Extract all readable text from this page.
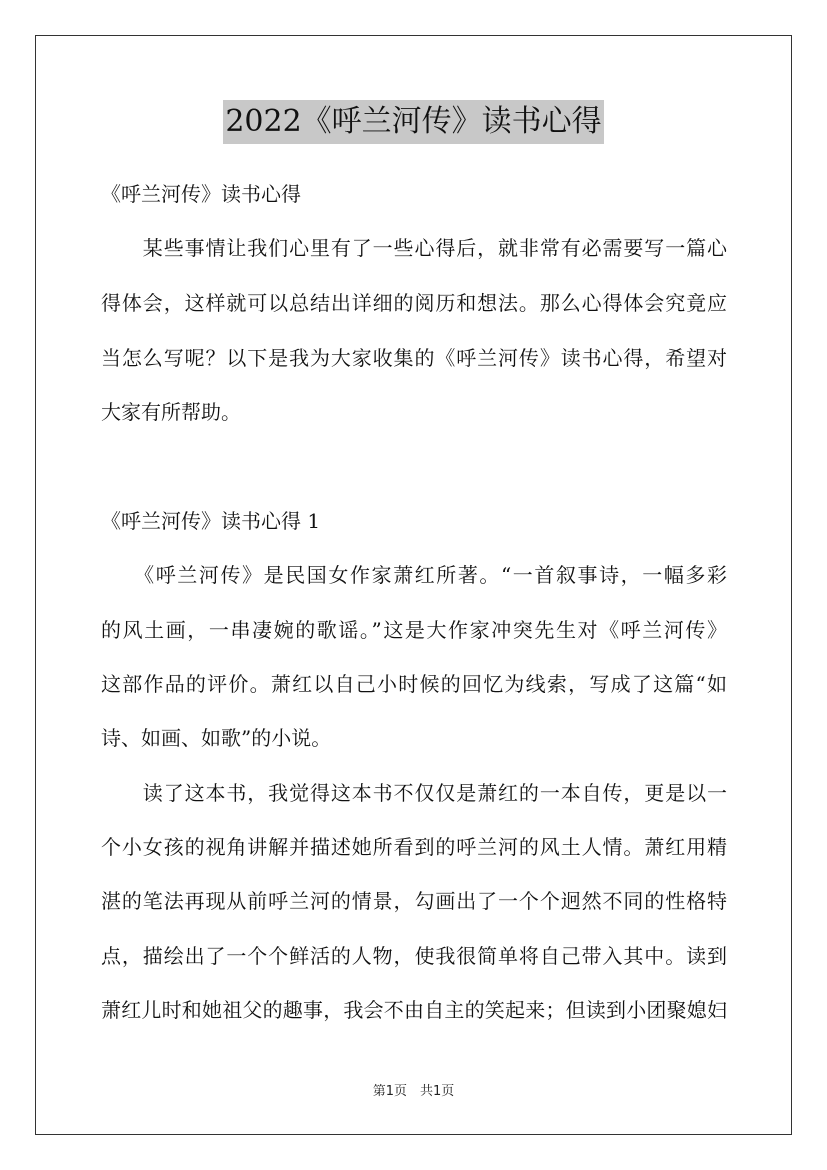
2022《呼兰河传》读书心得
《呼兰河传》读书心得
　　某些事情让我们心里有了一些心得后，就非常有必需要写一篇心
得体会，这样就可以总结出详细的阅历和想法。那么心得体会究竟应
当怎么写呢？以下是我为大家收集的《呼兰河传》读书心得，希望对
大家有所帮助。
《呼兰河传》读书心得 1
　　《呼兰河传》是民国女作家萧红所著。“一首叙事诗，一幅多彩
的风土画，一串凄婉的歌谣。”这是大作家冲突先生对《呼兰河传》
这部作品的评价。萧红以自己小时候的回忆为线索，写成了这篇“如
诗、如画、如歌”的小说。
　　读了这本书，我觉得这本书不仅仅是萧红的一本自传，更是以一
个小女孩的视角讲解并描述她所看到的呼兰河的风土人情。萧红用精
湛的笔法再现从前呼兰河的情景，勾画出了一个个迥然不同的性格特
点，描绘出了一个个鲜活的人物，使我很简单将自己带入其中。读到
萧红儿时和她祖父的趣事，我会不由自主的笑起来；但读到小团聚媳妇
第1页　共1页
